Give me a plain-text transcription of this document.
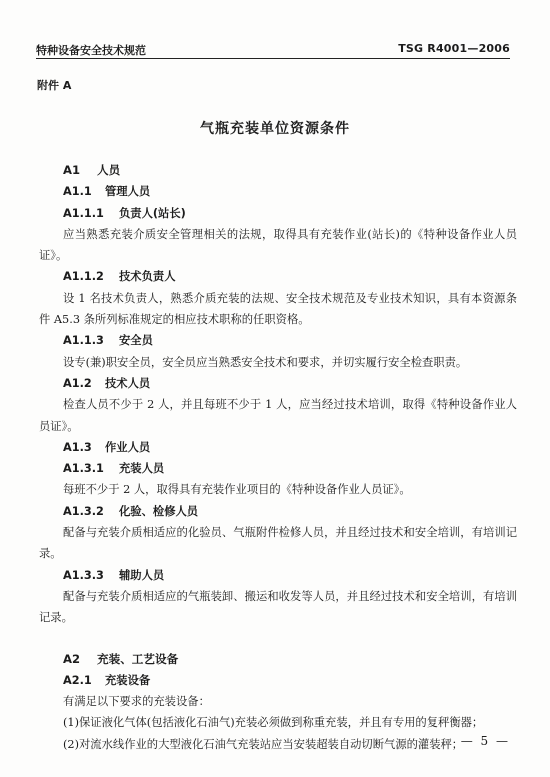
特种设备安全技术规范	TSG R4001—2006
附件 A
气瓶充装单位资源条件
A1 人员
A1.1 管理人员
A1.1.1 负责人(站长)
应当熟悉充装介质安全管理相关的法规，取得具有充装作业(站长)的《特种设备作业人员证》。
A1.1.2 技术负责人
设 1 名技术负责人，熟悉介质充装的法规、安全技术规范及专业技术知识，具有本资源条件 A5.3 条所列标准规定的相应技术职称的任职资格。
A1.1.3 安全员
设专(兼)职安全员，安全员应当熟悉安全技术和要求，并切实履行安全检查职责。
A1.2 技术人员
检查人员不少于 2 人，并且每班不少于 1 人，应当经过技术培训，取得《特种设备作业人员证》。
A1.3 作业人员
A1.3.1 充装人员
每班不少于 2 人，取得具有充装作业项目的《特种设备作业人员证》。
A1.3.2 化验、检修人员
配备与充装介质相适应的化验员、气瓶附件检修人员，并且经过技术和安全培训，有培训记录。
A1.3.3 辅助人员
配备与充装介质相适应的气瓶装卸、搬运和收发等人员，并且经过技术和安全培训，有培训记录。
A2 充装、工艺设备
A2.1 充装设备
有满足以下要求的充装设备：
(1)保证液化气体(包括液化石油气)充装必须做到称重充装，并且有专用的复秤衡器；
(2)对流水线作业的大型液化石油气充装站应当安装超装自动切断气源的灌装秤；
— 5 —
